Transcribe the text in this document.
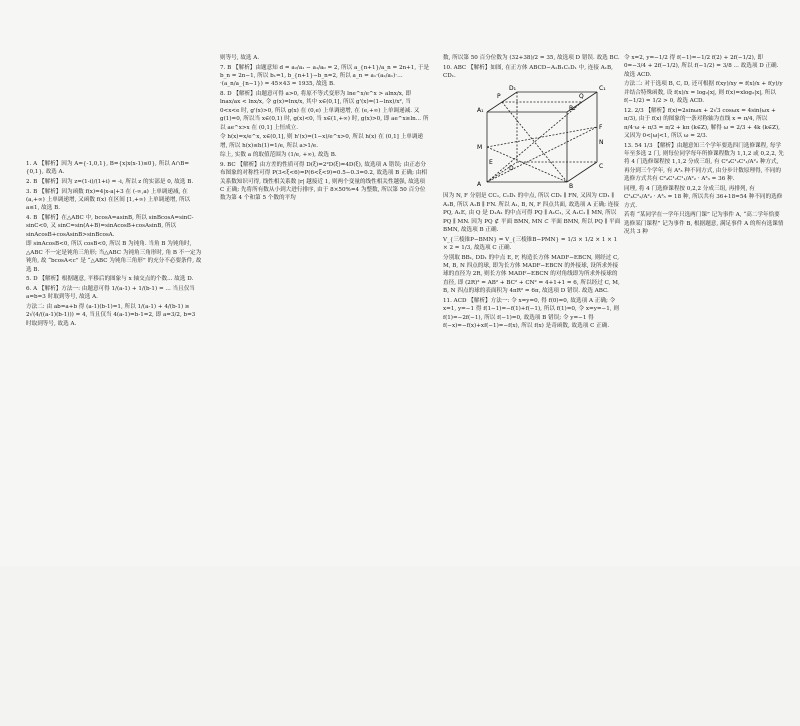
1. A 【解析】因为 A={-1,0,1}, B={x|x(x-1)≤0}, 所以 A∩B={0,1}, 故选 A.

2. B 【解析】因为 z=(1-i)/(1+i) = -i, 所以 z 的实部是 0, 故选 B.

3. B 【解析】因为函数 f(x)=4|x-a|+3 在 (-∞,a) 上单调递减, 在 (a,+∞) 上单调递增, 又函数 f(x) 在区间 [1,+∞) 上单调递增, 所以 a≤1, 故选 B.

4. B 【解析】在△ABC 中, bcosA=asinB, 所以 sinBcosA=sinC-sinC<0, 又 sinC=sin(A+B)=sinAcosB+cosAsinB, 所以 sinAcosB+cosAsinB>sinBcosA.

即 sinAcosB<0, 所以 cosB<0, 所以 B 为钝角. 当角 B 为钝角时, △ABC 不一定是钝角三角形; 当△ABC 为钝角三角形时, 角 B 不一定为钝角, 故 “bcosA<c” 是 “△ABC 为钝角三角形” 的充分不必要条件, 故选 B.

5. D 【解析】根据题意, 平移后的图象与 x 轴交点的个数... 故选 D.

6. A 【解析】方法一: 由题意可得 1/(a-1) + 1/(b-1) = ... 当且仅当 a=b=3 时取到等号, 故选 A.

方法二: 由 ab=a+b 得 (a-1)(b-1)=1, 所以 1/(a-1) + 4/(b-1) ≥ 2√(4/((a-1)(b-1))) = 4, 当且仅当 4(a-1)=b-1=2, 即 a=3/2, b=3 时取到等号, 故选 A.

则等号, 故选 A.

7. B 【解析】由题意知 d = a₂/a₁ − a₁/a₀ = 2, 所以 a_{n+1}/a_n = 2n+1, 于是 b_n = 2n−1, 所以 b₁=1, b_{n+1}−b_n=2, 所以 a_n = a₁·(a₂/a₁)·…·(a_n/a_{n−1}) = 45×43 = 1935, 故选 B.

8. D 【解析】由题意可得 a>0, 将原不等式变形为 lne^x/e^x > alnx/x, 即 lnax/ax < lnx/x, 令 g(x)=lnx/x, 其中 x∈(0,1], 所以 g'(x)=(1−lnx)/x², 当 0<x<e 时, g'(x)>0, 所以 g(x) 在 (0,e) 上单调递增, 在 (e,+∞) 上单调递减. 又 g(1)=0, 所以当 x∈(0,1) 时, g(x)<0, 当 x∈(1,+∞) 时, g(x)>0, 即 ae^x≥ln... 所以 ae^x>x 在 (0,1] 上恒成立.

令 h(x)=x/e^x, x∈(0,1], 则 h'(x)=(1−x)/e^x>0, 所以 h(x) 在 (0,1] 上单调递增, 所以 h(x)≤h(1)=1/e, 所以 a>1/e.

综上, 实数 a 的取值范围为 (1/e, +∞), 故选 B.

9. BC 【解析】由方差的性质可得 D(ξ)=2²D(ξ)=4D(ξ), 故选项 A 错误; 由正态分布图象的对称性可得 P(3<ξ<6)=P(6<ξ<9)=0.5−0.3=0.2, 故选项 B 正确; 由相关系数知识可得, 线性相关系数 |r| 越接近 1, 则两个变量的线性相关性越强, 故选项 C 正确; 先将所有数从小到大进行排序, 由于 8×50%=4 为整数, 所以第 50 百分位数为第 4 个和第 5 个数的平均

数, 所以第 50 百分位数为 (32+38)/2 = 35, 故选项 D 错误. 故选 BC.

10. ABC 【解析】如图, 在正方体 ABCD−A₁B₁C₁D₁ 中, 连接 A₁B, CD₁.

P	Q
D₁	C₁
A₁	B₁
F
N
M
D	C
A	B
E

因为 N, F 分别是 CC₁, C₁D₁ 的中点, 所以 CD₁ ∥ FN, 又因为 CD₁ ∥ A₁B, 所以 A₁B ∥ FN. 所以 A₁, B, N, F 四点共面, 故选项 A 正确; 连接 PQ, A₁E, 由 Q 是 D₁A₁ 的中点可得 PQ ∥ A₁C₁, 又 A₁C₁ ∥ MN, 所以 PQ ∥ MN. 因为 PQ ⊄ 平面 BMN, MN ⊂ 平面 BMN, 所以 PQ ∥ 平面 BMN, 故选项 B 正确.

V_{三棱锥P−BMN} = V_{三棱锥B−PMN} = 1/3 × 1/2 × 1 × 1 × 2 = 1/3, 故选项 C 正确.

分别取 BB₁, DD₁ 的中点 E, F, 构造长方体 MADF−EBCN, 则经过 C, M, B, N 四点的球, 即为长方体 MADF−EBCN 的外接球, 设所求外接球的直径为 2R, 则长方体 MADF−EBCN 的对角线即为所求外接球的直径, 即 (2R)² = AB² + BC² + CN² = 4+1+1 = 6, 所以经过 C, M, B, N 四点的球的表面积为 4πR² = 6π, 故选项 D 错误. 故选 ABC.

11. ACD 【解析】方法一: 令 x=y=0, 得 f(0)=0, 故选项 A 正确; 令 x=1, y=−1 得 f(1−1)=−f(1)+f(−1), 所以 f(1)=0, 令 x=y=−1, 则 f(1)=−2f(−1), 所以 f(−1)=0, 故选项 B 错误; 令 y=−1 得 f(−x)=−f(x)+xf(−1)=−f(x), 所以 f(x) 是奇函数, 故选项 C 正确.

令 x=2, y=−1/2 得 f(−1)=−1/2 f(2) + 2f(−1/2), 即 0=−3/4 + 2f(−1/2), 所以 f(−1/2) = 3/8 ... 故选项 D 正确. 故选 ACD.

方法二: 对于选项 B, C, D, 还可根据 f(xy)/xy = f(x)/x + f(y)/y 并结合特殊函数, 设 f(x)/x = log₂|x|, 则 f(x)=xlog₂|x|, 所以 f(−1/2) = 1/2 > 0, 故选 ACD.

12. 2/3 【解析】f(x)=2sinωx + 2√3 cosωx = 4sin(ωx + π/3), 由于 f(x) 的图象的一条对称轴为直线 x = π/4, 所以 π/4·ω + π/3 = π/2 + kπ (k∈Z), 解得 ω = 2/3 + 4k (k∈Z), 又因为 0<|ω|<1, 所以 ω = 2/3.

13. 54 1/3 【解析】由题意知三个学年要选四门选修课程, 每学年至多选 2 门, 则每位同学每年所修课程数为 1,1,2 或 0,2,2, 先将 4 门选修课程按 1,1,2 分成三组, 有 C²₄C¹₂C¹₁/A²₂ 种方式, 再分到三个学年, 有 A³₃ 种不同方式, 由分步计数原理得, 不同的选修方式共有 C²₄C¹₂C¹₁/A²₂ · A³₃ = 36 种.

同理, 将 4 门选修课程按 0,2,2 分成三组, 再排列, 有 C²₄C²₂/A²₂ · A³₃ = 18 种, 所以共有 36+18=54 种不同的选修方式.

若将 “某同学在一学年只选两门课” 记为事件 A, “高二学年恰要选修某门课程” 记为事件 B, 根据题意, 满足事件 A 的所有选课情况共 3 种
